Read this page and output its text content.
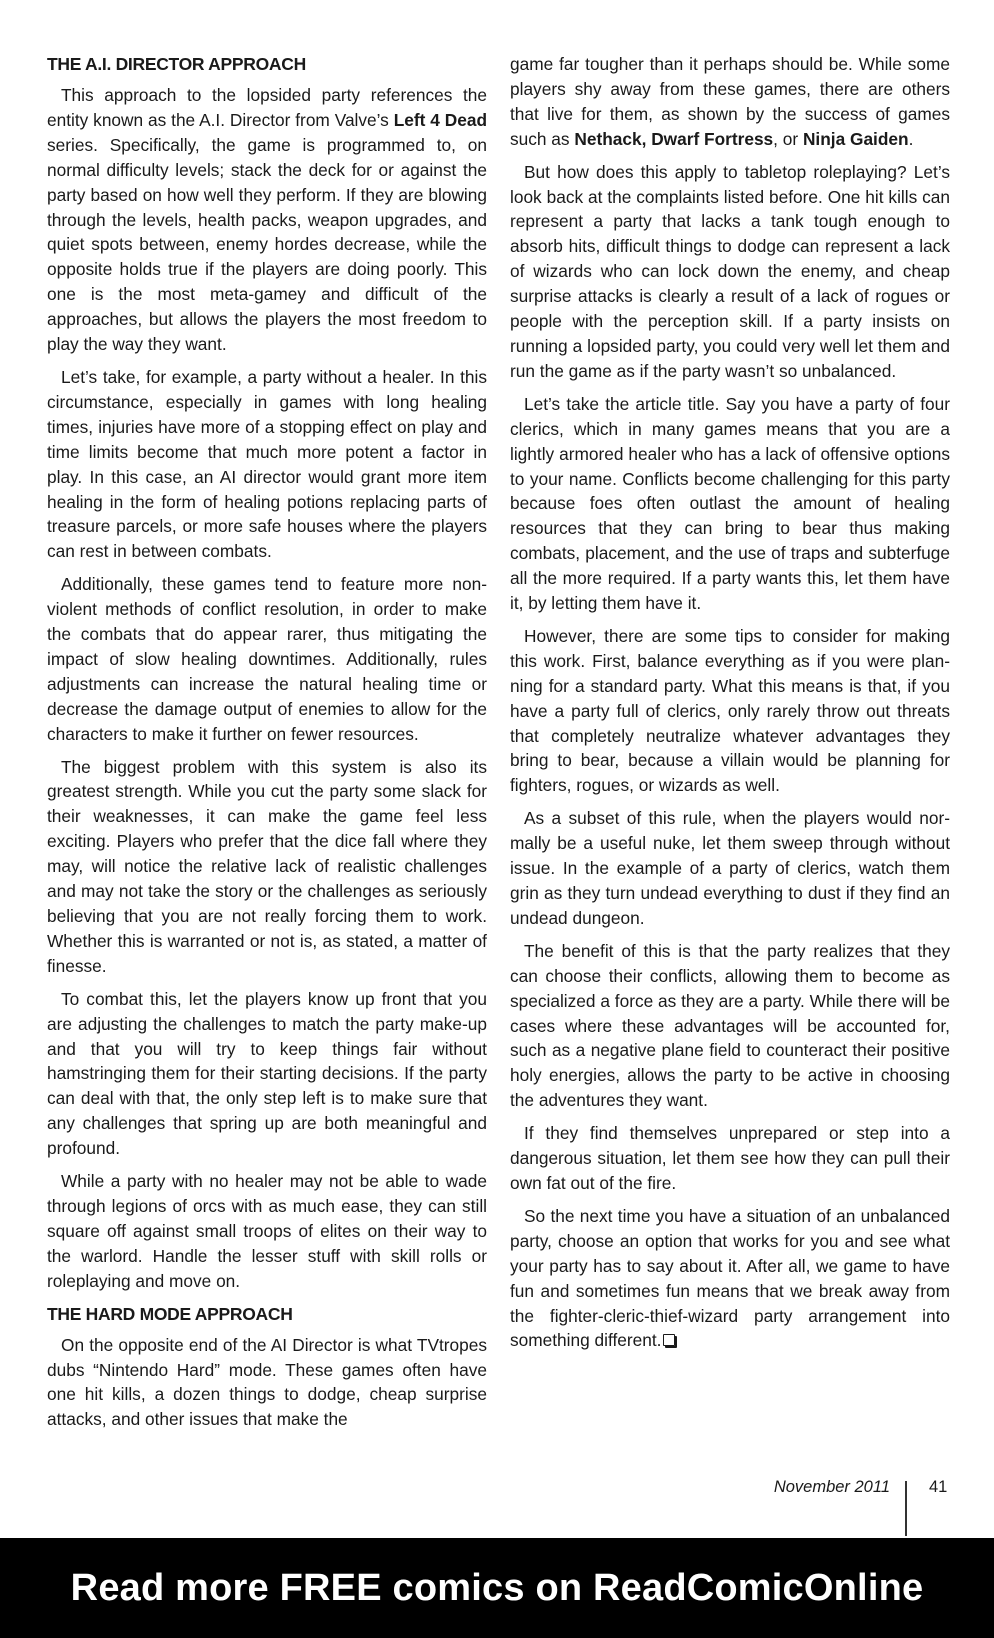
THE A.I. DIRECTOR APPROACH

This approach to the lopsided party references the entity known as the A.I. Director from Valve’s Left 4 Dead series. Specifically, the game is programmed to, on normal difficulty levels; stack the deck for or against the party based on how well they perform. If they are blowing through the levels, health packs, weapon upgrades, and quiet spots between, enemy hordes decrease, while the opposite holds true if the players are doing poorly. This one is the most meta-gamey and difficult of the approaches, but allows the players the most freedom to play the way they want.

Let’s take, for example, a party without a healer. In this circumstance, especially in games with long healing times, injuries have more of a stopping effect on play and time limits become that much more potent a factor in play. In this case, an AI director would grant more item healing in the form of healing potions replacing parts of treasure parcels, or more safe houses where the players can rest in between combats.

Additionally, these games tend to feature more nonviolent methods of conflict resolution, in order to make the combats that do appear rarer, thus mitigating the impact of slow healing downtimes. Additionally, rules adjustments can increase the natural healing time or decrease the damage output of enemies to allow for the characters to make it further on fewer resources.

The biggest problem with this system is also its greatest strength. While you cut the party some slack for their weaknesses, it can make the game feel less exciting. Players who prefer that the dice fall where they may, will notice the relative lack of realistic challenges and may not take the story or the challenges as seriously believing that you are not really forcing them to work. Whether this is warranted or not is, as stated, a matter of finesse.

To combat this, let the players know up front that you are adjusting the challenges to match the party make-up and that you will try to keep things fair without hamstringing them for their starting decisions. If the party can deal with that, the only step left is to make sure that any challenges that spring up are both meaningful and profound.

While a party with no healer may not be able to wade through legions of orcs with as much ease, they can still square off against small troops of elites on their way to the warlord. Handle the lesser stuff with skill rolls or roleplaying and move on.

THE HARD MODE APPROACH

On the opposite end of the AI Director is what TVtropes dubs “Nintendo Hard” mode. These games often have one hit kills, a dozen things to dodge, cheap surprise attacks, and other issues that make the

game far tougher than it perhaps should be. While some players shy away from these games, there are others that live for them, as shown by the success of games such as Nethack, Dwarf Fortress, or Ninja Gaiden.

But how does this apply to tabletop roleplaying? Let’s look back at the complaints listed before. One hit kills can represent a party that lacks a tank tough enough to absorb hits, difficult things to dodge can represent a lack of wizards who can lock down the enemy, and cheap surprise attacks is clearly a result of a lack of rogues or people with the perception skill. If a party insists on running a lopsided party, you could very well let them and run the game as if the party wasn’t so unbalanced.

Let’s take the article title. Say you have a party of four clerics, which in many games means that you are a lightly armored healer who has a lack of offensive options to your name. Conflicts become challenging for this party because foes often outlast the amount of healing resources that they can bring to bear thus making combats, placement, and the use of traps and subterfuge all the more required. If a party wants this, let them have it, by letting them have it.

However, there are some tips to consider for making this work. First, balance everything as if you were planning for a standard party. What this means is that, if you have a party full of clerics, only rarely throw out threats that completely neutralize whatever advantages they bring to bear, because a villain would be planning for fighters, rogues, or wizards as well.

As a subset of this rule, when the players would normally be a useful nuke, let them sweep through without issue. In the example of a party of clerics, watch them grin as they turn undead everything to dust if they find an undead dungeon.

The benefit of this is that the party realizes that they can choose their conflicts, allowing them to become as specialized a force as they are a party. While there will be cases where these advantages will be accounted for, such as a negative plane field to counteract their positive holy energies, allows the party to be active in choosing the adventures they want.

If they find themselves unprepared or step into a dangerous situation, let them see how they can pull their own fat out of the fire.

So the next time you have a situation of an unbalanced party, choose an option that works for you and see what your party has to say about it. After all, we game to have fun and sometimes fun means that we break away from the fighter-cleric-thief-wizard party arrangement into something different.

November 2011 41
Read more FREE comics on ReadComicOnline
